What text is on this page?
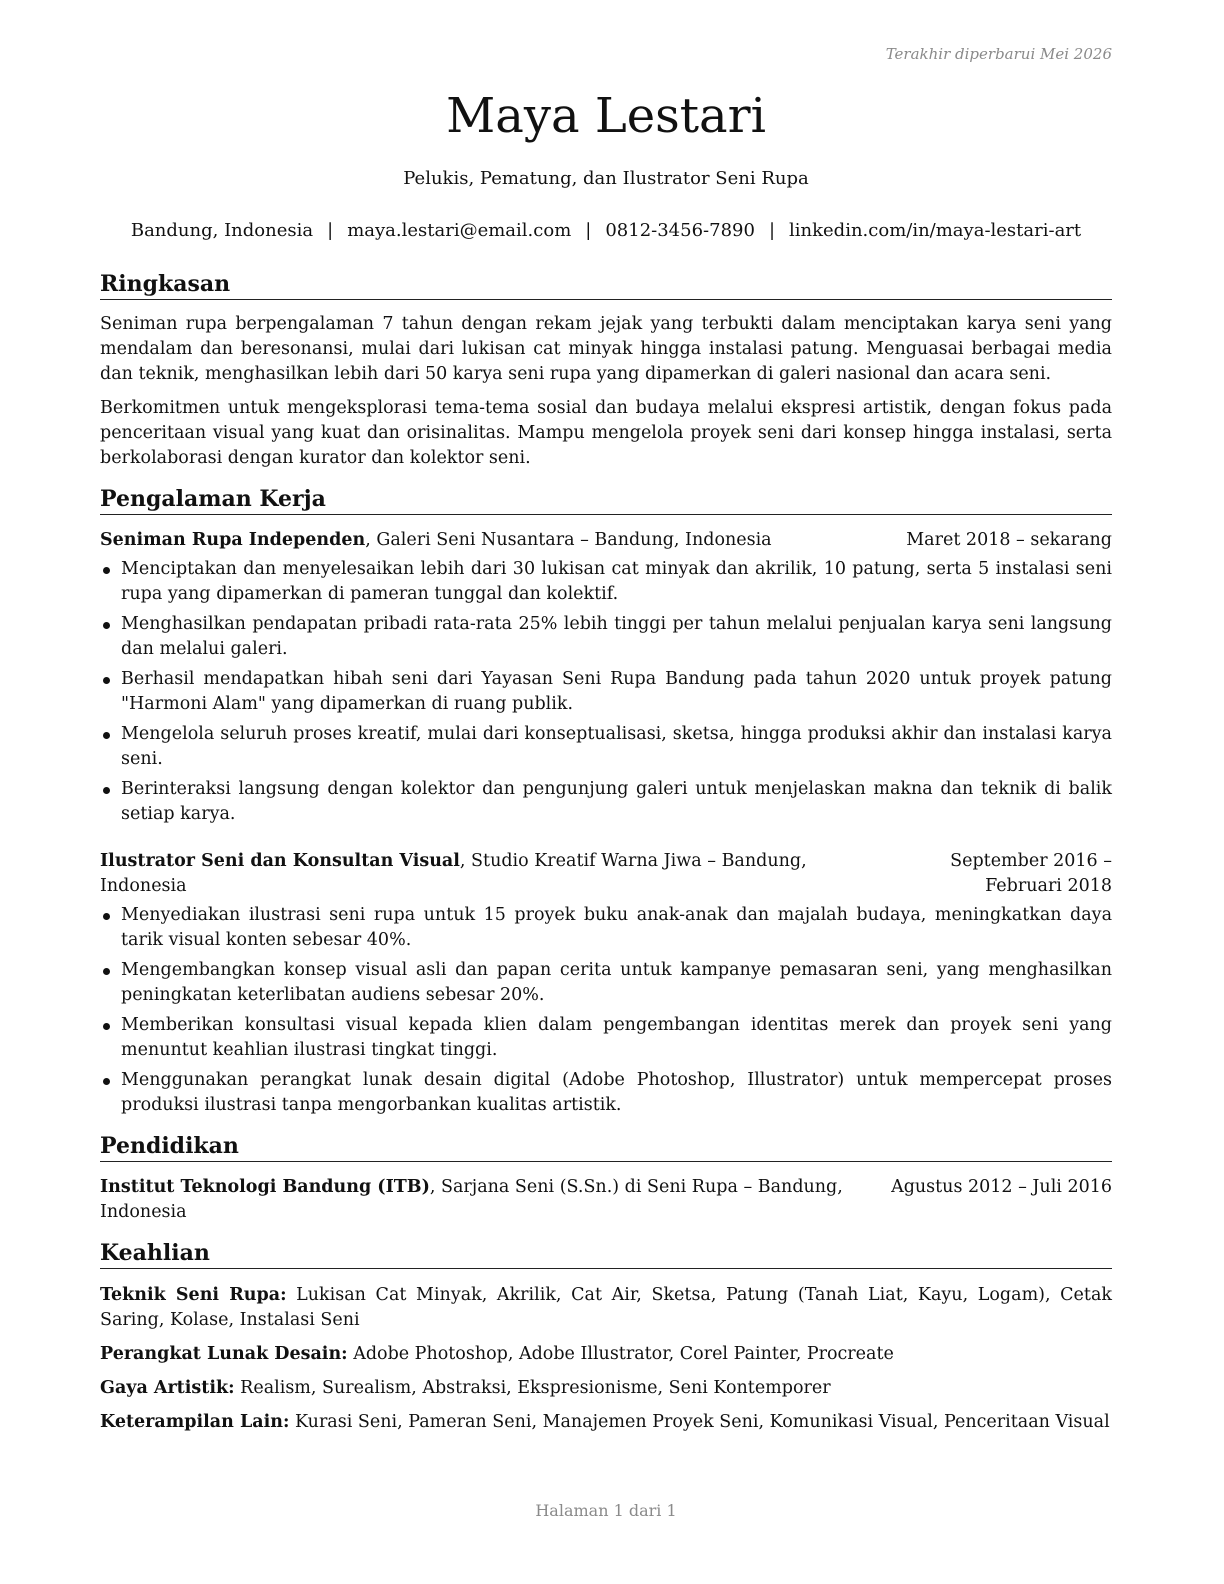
Terakhir diperbarui Mei 2026
Maya Lestari
Pelukis, Pematung, dan Ilustrator Seni Rupa
Bandung, Indonesia | maya.lestari@email.com | 0812-3456-7890 | linkedin.com/in/maya-lestari-art
Ringkasan

Seniman rupa berpengalaman 7 tahun dengan rekam jejak yang terbukti dalam menciptakan karya seni yang mendalam dan beresonansi, mulai dari lukisan cat minyak hingga instalasi patung. Menguasai berbagai media dan teknik, menghasilkan lebih dari 50 karya seni rupa yang dipamerkan di galeri nasional dan acara seni.

Berkomitmen untuk mengeksplorasi tema-tema sosial dan budaya melalui ekspresi artistik, dengan fokus pada penceritaan visual yang kuat dan orisinalitas. Mampu mengelola proyek seni dari konsep hingga instalasi, serta berkolaborasi dengan kurator dan kolektor seni.

Pengalaman Kerja
Seniman Rupa Independen, Galeri Seni Nusantara – Bandung, Indonesia	Maret 2018 – sekarang
Menciptakan dan menyelesaikan lebih dari 30 lukisan cat minyak dan akrilik, 10 patung, serta 5 instalasi seni rupa yang dipamerkan di pameran tunggal dan kolektif.
Menghasilkan pendapatan pribadi rata-rata 25% lebih tinggi per tahun melalui penjualan karya seni langsung dan melalui galeri.
Berhasil mendapatkan hibah seni dari Yayasan Seni Rupa Bandung pada tahun 2020 untuk proyek patung "Harmoni Alam" yang dipamerkan di ruang publik.
Mengelola seluruh proses kreatif, mulai dari konseptualisasi, sketsa, hingga produksi akhir dan instalasi karya seni.
Berinteraksi langsung dengan kolektor dan pengunjung galeri untuk menjelaskan makna dan teknik di balik setiap karya.
Ilustrator Seni dan Konsultan Visual, Studio Kreatif Warna Jiwa – Bandung, Indonesia
September 2016 – Februari 2018
Menyediakan ilustrasi seni rupa untuk 15 proyek buku anak-anak dan majalah budaya, meningkatkan daya tarik visual konten sebesar 40%.
Mengembangkan konsep visual asli dan papan cerita untuk kampanye pemasaran seni, yang menghasilkan peningkatan keterlibatan audiens sebesar 20%.
Memberikan konsultasi visual kepada klien dalam pengembangan identitas merek dan proyek seni yang menuntut keahlian ilustrasi tingkat tinggi.
Menggunakan perangkat lunak desain digital (Adobe Photoshop, Illustrator) untuk mempercepat proses produksi ilustrasi tanpa mengorbankan kualitas artistik.
Pendidikan
Institut Teknologi Bandung (ITB), Sarjana Seni (S.Sn.) di Seni Rupa – Bandung, Indonesia
Agustus 2012 – Juli 2016
Keahlian

Teknik Seni Rupa: Lukisan Cat Minyak, Akrilik, Cat Air, Sketsa, Patung (Tanah Liat, Kayu, Logam), Cetak Saring, Kolase, Instalasi Seni

Perangkat Lunak Desain: Adobe Photoshop, Adobe Illustrator, Corel Painter, Procreate

Gaya Artistik: Realism, Surealism, Abstraksi, Ekspresionisme, Seni Kontemporer

Keterampilan Lain: Kurasi Seni, Pameran Seni, Manajemen Proyek Seni, Komunikasi Visual, Penceritaan Visual

Halaman 1 dari 1
